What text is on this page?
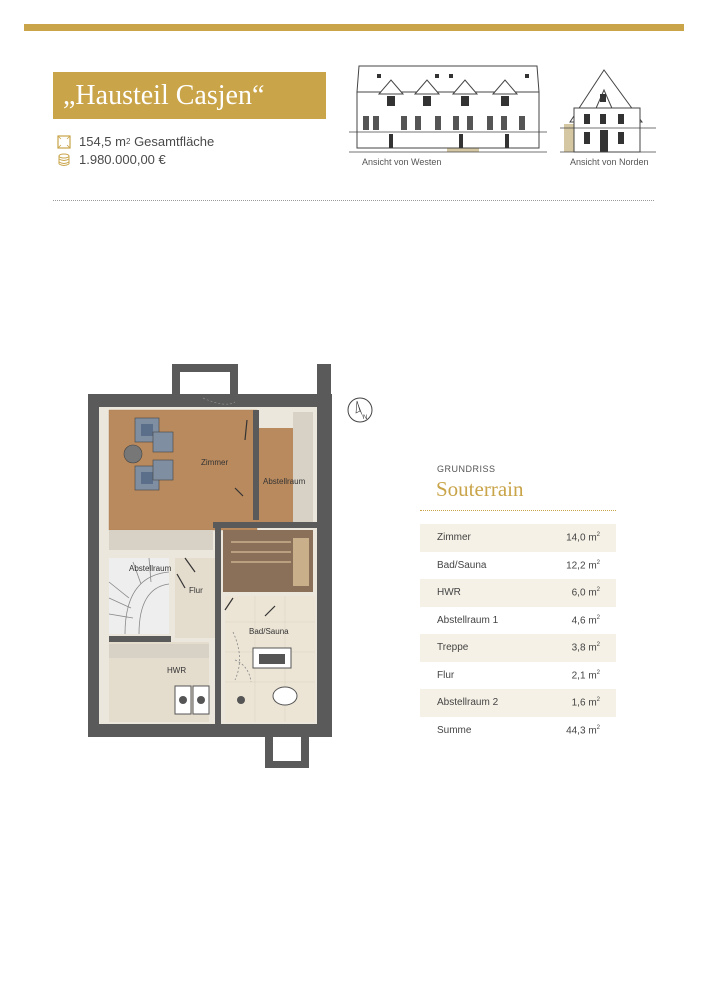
„Hausteil Casjen“
154,5 m 2
Gesamtfläche
1.980.000,00 €	Ansicht von Westen	Ansicht von Norden
Zimmer
Abstellraum
Abstellraum
Flur
Bad/Sauna
HWR
N
GRUNDRISS
Souterrain
Zimmer	14,0 $m^2$
Bad/Sauna	12,2 $m^2$
HWR	6,0 $m^2$
Abstellraum 1	4,6 $m^2$
Treppe	3,8 $m^2$
Flur	2,1 $m^2$
Abstellraum 2	1,6 $m^2$
Summe	44,3 $m^2$
